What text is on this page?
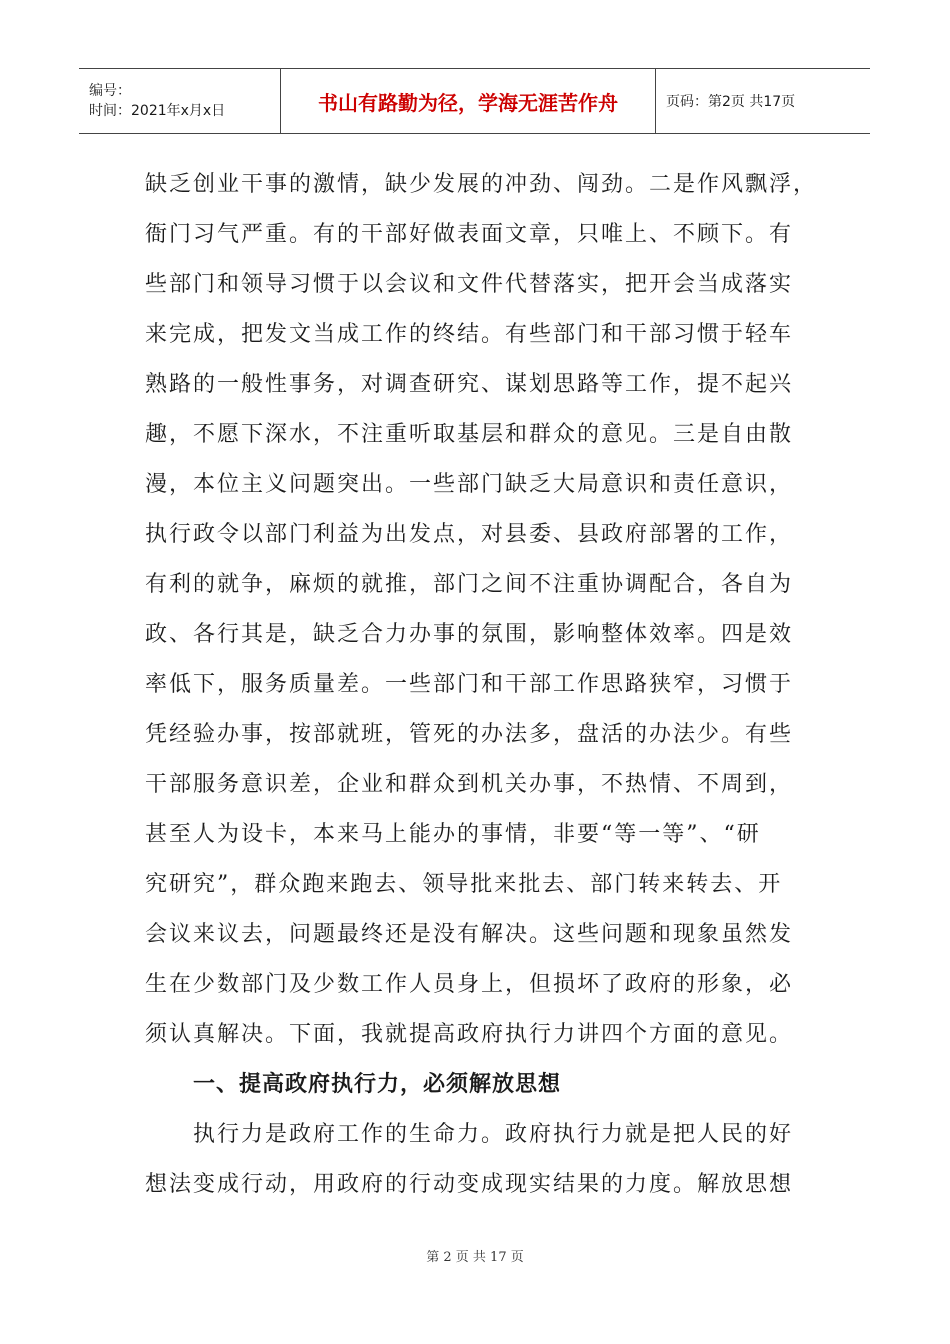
编号：
时间：2021年x月x日	书山有路勤为径，学海无涯苦作舟	页码：第2页 共17页
缺乏创业干事的激情，缺少发展的冲劲、闯劲。二是作风飘浮，
衙门习气严重。有的干部好做表面文章，只唯上、不顾下。有
些部门和领导习惯于以会议和文件代替落实，把开会当成落实
来完成，把发文当成工作的终结。有些部门和干部习惯于轻车
熟路的一般性事务，对调查研究、谋划思路等工作，提不起兴
趣，不愿下深水，不注重听取基层和群众的意见。三是自由散
漫，本位主义问题突出。一些部门缺乏大局意识和责任意识，
执行政令以部门利益为出发点，对县委、县政府部署的工作，
有利的就争，麻烦的就推，部门之间不注重协调配合，各自为
政、各行其是，缺乏合力办事的氛围，影响整体效率。四是效
率低下，服务质量差。一些部门和干部工作思路狭窄，习惯于
凭经验办事，按部就班，管死的办法多，盘活的办法少。有些
干部服务意识差，企业和群众到机关办事，不热情、不周到，
甚至人为设卡，本来马上能办的事情，非要“等一等”、“研
究研究”，群众跑来跑去、领导批来批去、部门转来转去、开
会议来议去，问题最终还是没有解决。这些问题和现象虽然发
生在少数部门及少数工作人员身上，但损坏了政府的形象，必
须认真解决。下面，我就提高政府执行力讲四个方面的意见。
一、提高政府执行力，必须解放思想
执行力是政府工作的生命力。政府执行力就是把人民的好
想法变成行动，用政府的行动变成现实结果的力度。解放思想
第 2 页 共 17 页
